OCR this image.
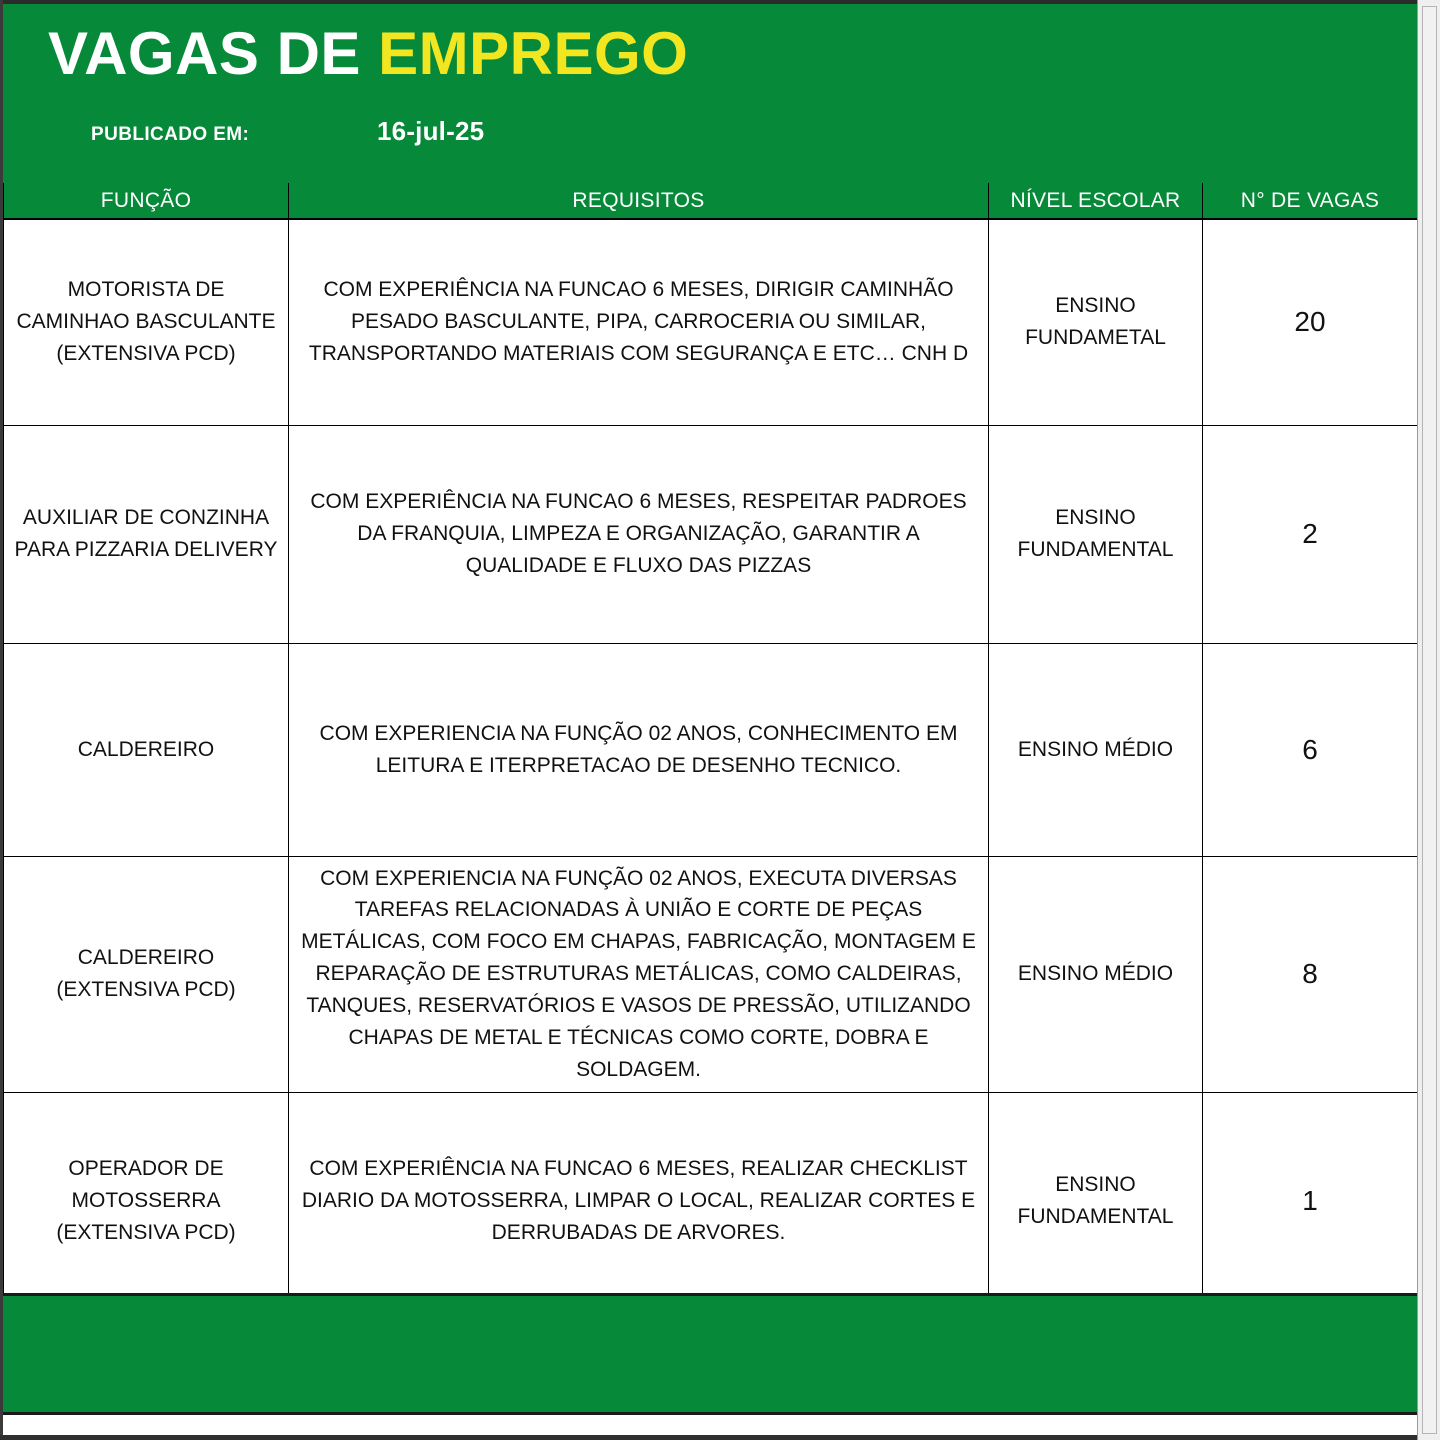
VAGAS DE EMPREGO
PUBLICADO EM:	16-jul-25
FUNÇÃO	REQUISITOS	NÍVEL ESCOLAR	N° DE VAGAS
MOTORISTA DE CAMINHAO BASCULANTE (EXTENSIVA PCD)	COM EXPERIÊNCIA NA FUNCAO 6 MESES, DIRIGIR CAMINHÃO PESADO BASCULANTE, PIPA, CARROCERIA OU SIMILAR, TRANSPORTANDO MATERIAIS COM SEGURANÇA E ETC… CNH D	ENSINO FUNDAMETAL	20
AUXILIAR DE CONZINHA PARA PIZZARIA DELIVERY	COM EXPERIÊNCIA NA FUNCAO 6 MESES, RESPEITAR PADROES DA FRANQUIA, LIMPEZA E ORGANIZAÇÃO, GARANTIR A QUALIDADE E FLUXO DAS PIZZAS	ENSINO FUNDAMENTAL	2
CALDEREIRO	COM EXPERIENCIA NA FUNÇÃO 02 ANOS, CONHECIMENTO EM LEITURA E ITERPRETACAO DE DESENHO TECNICO.	ENSINO MÉDIO	6
CALDEREIRO (EXTENSIVA PCD)	COM EXPERIENCIA NA FUNÇÃO 02 ANOS, EXECUTA DIVERSAS TAREFAS RELACIONADAS À UNIÃO E CORTE DE PEÇAS METÁLICAS, COM FOCO EM CHAPAS, FABRICAÇÃO, MONTAGEM E REPARAÇÃO DE ESTRUTURAS METÁLICAS, COMO CALDEIRAS, TANQUES, RESERVATÓRIOS E VASOS DE PRESSÃO, UTILIZANDO CHAPAS DE METAL E TÉCNICAS COMO CORTE, DOBRA E SOLDAGEM.	ENSINO MÉDIO	8
OPERADOR DE MOTOSSERRA (EXTENSIVA PCD)	COM EXPERIÊNCIA NA FUNCAO 6 MESES, REALIZAR CHECKLIST DIARIO DA MOTOSSERRA, LIMPAR O LOCAL, REALIZAR CORTES E DERRUBADAS DE ARVORES.	ENSINO FUNDAMENTAL	1
